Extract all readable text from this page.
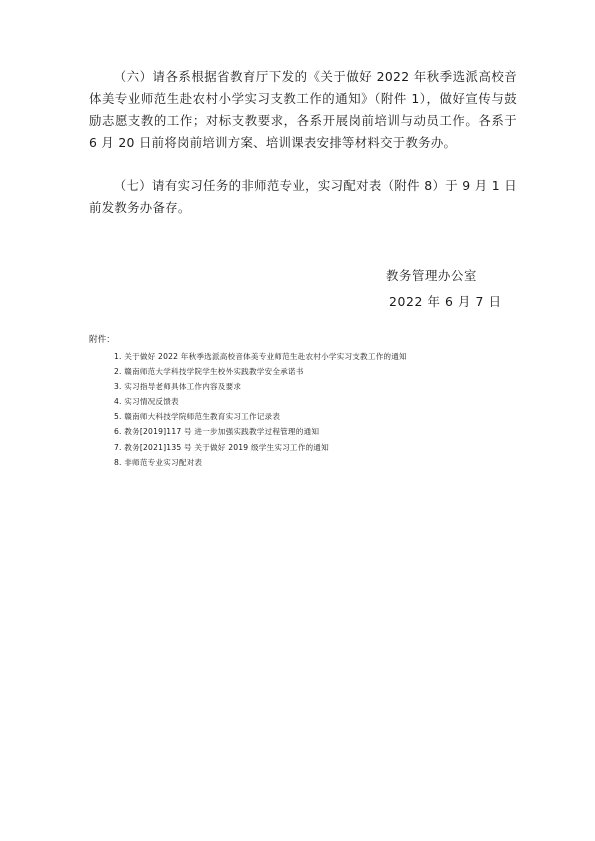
（六）请各系根据省教育厅下发的《关于做好 2022 年秋季选派高校音体美专业师范生赴农村小学实习支教工作的通知》（附件 1），做好宣传与鼓励志愿支教的工作；对标支教要求，各系开展岗前培训与动员工作。各系于 6 月 20 日前将岗前培训方案、培训课表安排等材料交于教务办。

（七）请有实习任务的非师范专业，实习配对表（附件 8）于 9 月 1 日前发教务办备存。

教务管理办公室
2022 年 6 月 7 日
附件：
1. 关于做好 2022 年秋季选派高校音体美专业师范生赴农村小学实习支教工作的通知
2. 赣南师范大学科技学院学生校外实践教学安全承诺书
3. 实习指导老师具体工作内容及要求
4. 实习情况反馈表
5. 赣南师大科技学院师范生教育实习工作记录表
6. 教务[2019]117 号 进一步加强实践教学过程管理的通知
7. 教务[2021]135 号 关于做好 2019 级学生实习工作的通知
8. 非师范专业实习配对表
